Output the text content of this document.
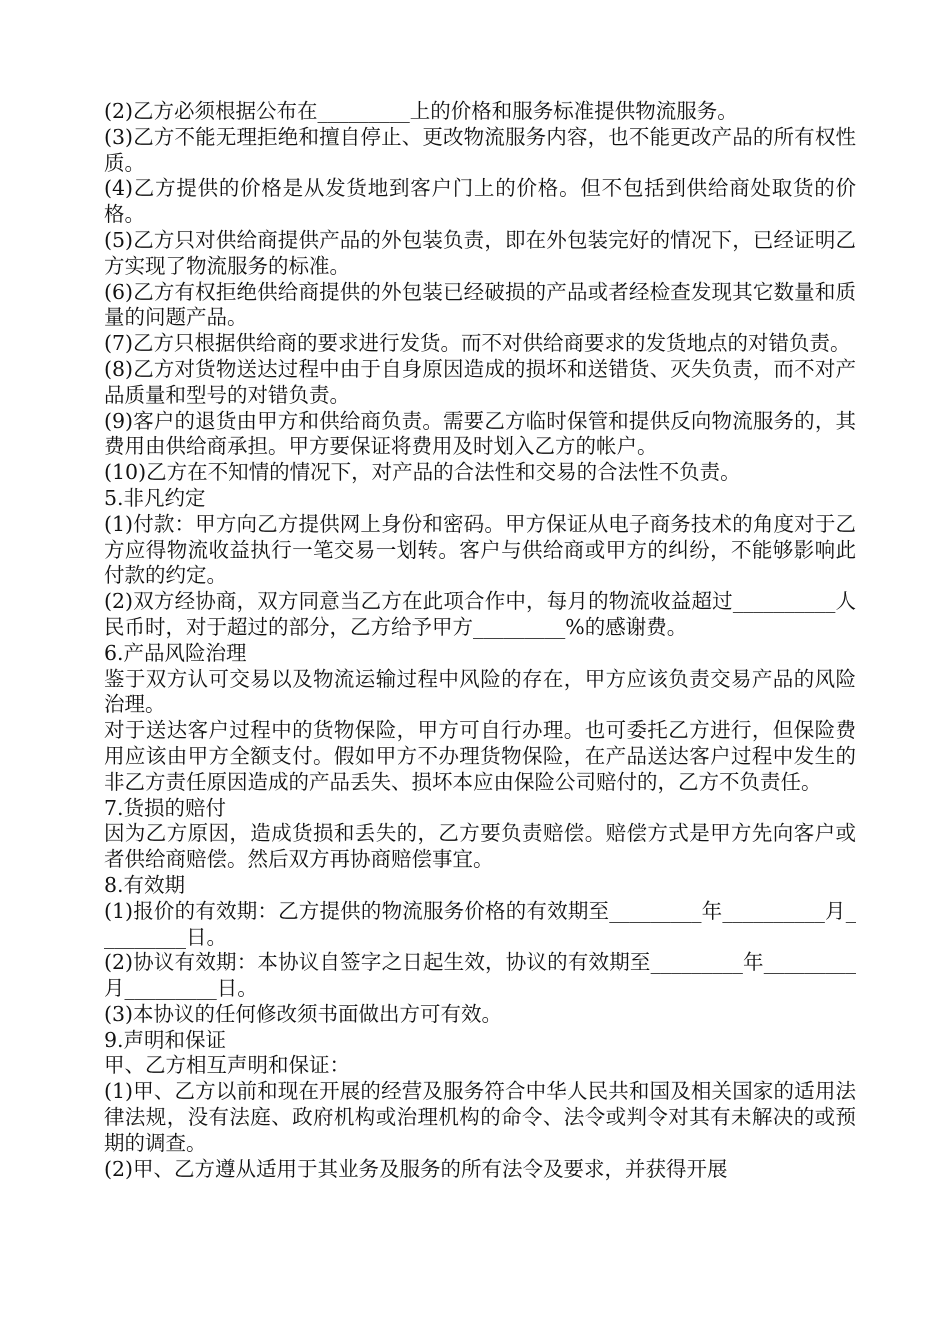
(2)乙方必须根据公布在_________上的价格和服务标准提供物流服务。

(3)乙方不能无理拒绝和擅自停止、更改物流服务内容，也不能更改产品的所有权性质。

(4)乙方提供的价格是从发货地到客户门上的价格。但不包括到供给商处取货的价格。

(5)乙方只对供给商提供产品的外包装负责，即在外包装完好的情况下，已经证明乙方实现了物流服务的标准。

(6)乙方有权拒绝供给商提供的外包装已经破损的产品或者经检查发现其它数量和质量的问题产品。

(7)乙方只根据供给商的要求进行发货。而不对供给商要求的发货地点的对错负责。

(8)乙方对货物送达过程中由于自身原因造成的损坏和送错货、灭失负责，而不对产品质量和型号的对错负责。

(9)客户的退货由甲方和供给商负责。需要乙方临时保管和提供反向物流服务的，其费用由供给商承担。甲方要保证将费用及时划入乙方的帐户。

(10)乙方在不知情的情况下，对产品的合法性和交易的合法性不负责。

5.非凡约定

(1)付款：甲方向乙方提供网上身份和密码。甲方保证从电子商务技术的角度对于乙方应得物流收益执行一笔交易一划转。客户与供给商或甲方的纠纷，不能够影响此付款的约定。

(2)双方经协商，双方同意当乙方在此项合作中，每月的物流收益超过__________人民币时，对于超过的部分，乙方给予甲方_________%的感谢费。

6.产品风险治理

鉴于双方认可交易以及物流运输过程中风险的存在，甲方应该负责交易产品的风险治理。

对于送达客户过程中的货物保险，甲方可自行办理。也可委托乙方进行，但保险费用应该由甲方全额支付。假如甲方不办理货物保险，在产品送达客户过程中发生的非乙方责任原因造成的产品丢失、损坏本应由保险公司赔付的，乙方不负责任。

7.货损的赔付

因为乙方原因，造成货损和丢失的，乙方要负责赔偿。赔偿方式是甲方先向客户或者供给商赔偿。然后双方再协商赔偿事宜。

8.有效期

(1)报价的有效期：乙方提供的物流服务价格的有效期至_________年__________月_________日。

(2)协议有效期：本协议自签字之日起生效，协议的有效期至_________年_________月_________日。

(3)本协议的任何修改须书面做出方可有效。

9.声明和保证

甲、乙方相互声明和保证：

(1)甲、乙方以前和现在开展的经营及服务符合中华人民共和国及相关国家的适用法律法规，没有法庭、政府机构或治理机构的命令、法令或判令对其有未解决的或预期的调查。

(2)甲、乙方遵从适用于其业务及服务的所有法令及要求，并获得开展
